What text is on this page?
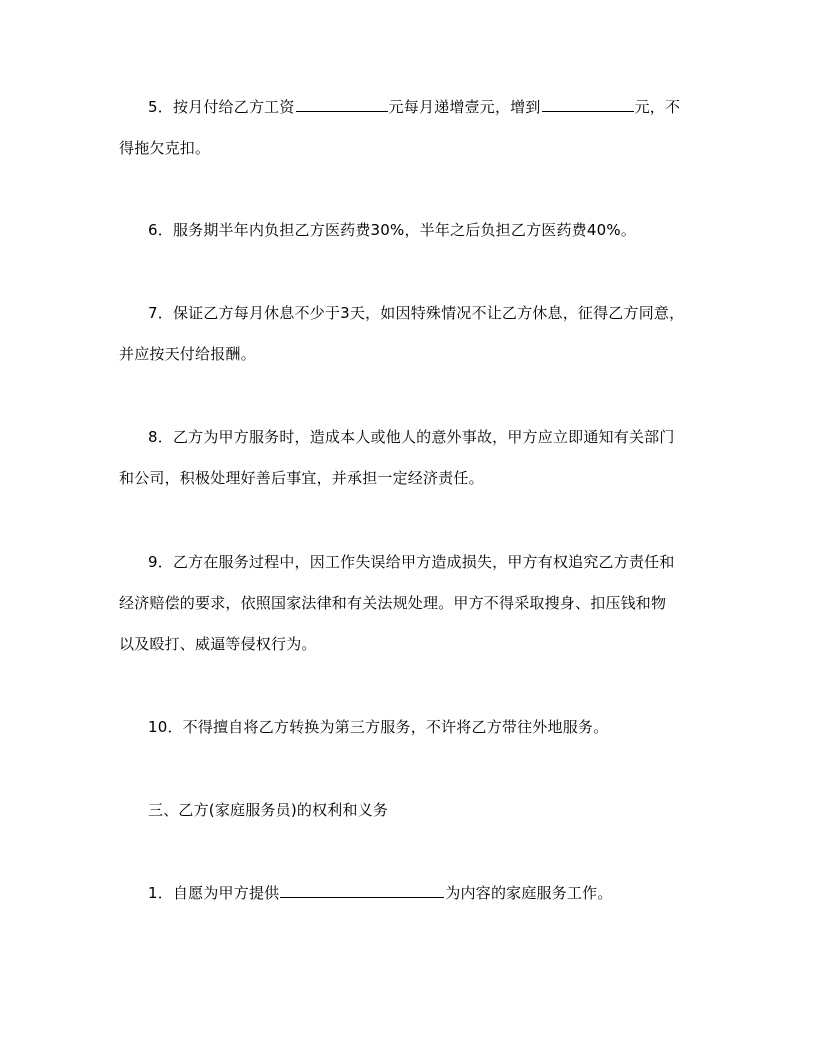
5．按月付给乙方工资	元每月递增壹元，增到	元，不
得拖欠克扣。
6．服务期半年内负担乙方医药费30%，半年之后负担乙方医药费40%。
7．保证乙方每月休息不少于3天，如因特殊情况不让乙方休息，征得乙方同意，
并应按天付给报酬。
8．乙方为甲方服务时，造成本人或他人的意外事故，甲方应立即通知有关部门
和公司，积极处理好善后事宜，并承担一定经济责任。
9．乙方在服务过程中，因工作失误给甲方造成损失，甲方有权追究乙方责任和
经济赔偿的要求，依照国家法律和有关法规处理。甲方不得采取搜身、扣压钱和物
以及殴打、威逼等侵权行为。
10．不得擅自将乙方转换为第三方服务，不许将乙方带往外地服务。
三、乙方(家庭服务员)的权利和义务
1．自愿为甲方提供	为内容的家庭服务工作。
